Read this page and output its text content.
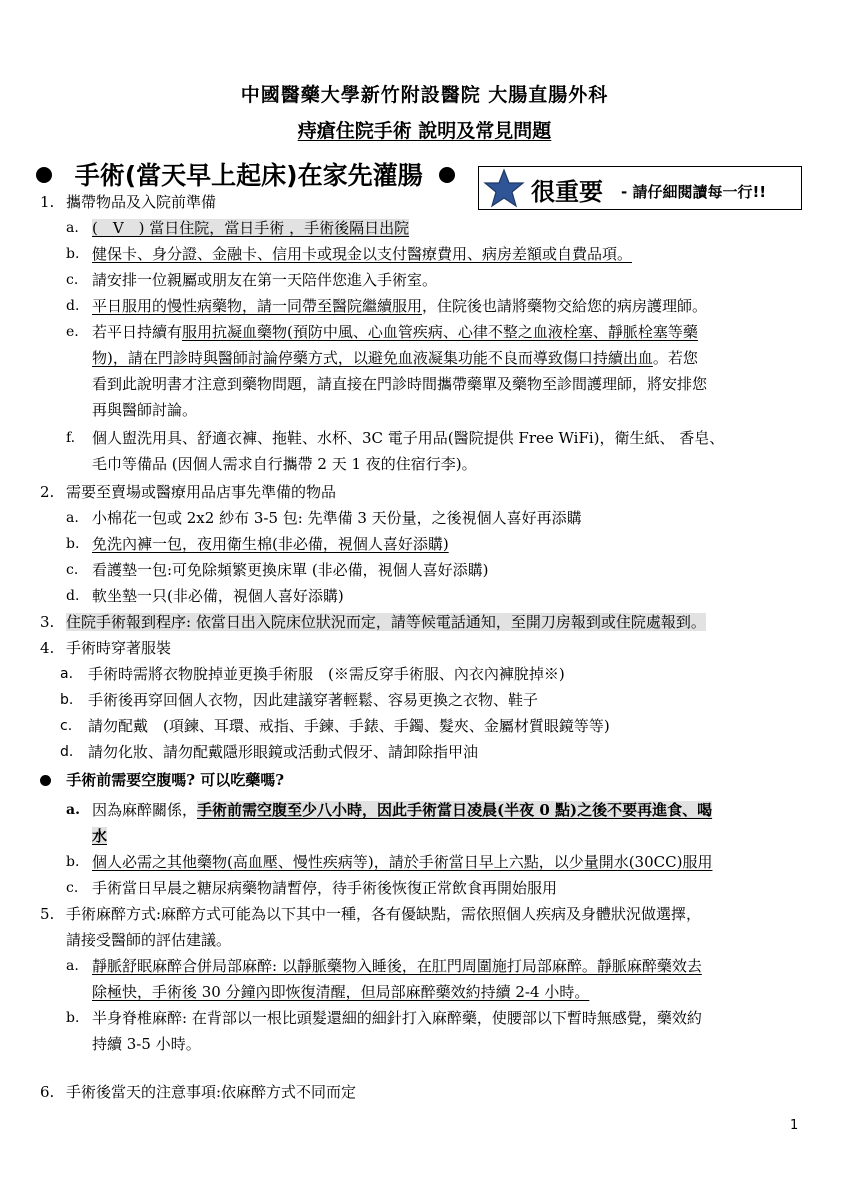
中國醫藥大學新竹附設醫院 大腸直腸外科
痔瘡住院手術 說明及常見問題
手術(當天早上起床)在家先灌腸
很重要 - 請仔細閱讀每一行!!
1. 攜帶物品及入院前準備
a. (　V　) 當日住院，當日手術 ，手術後隔日出院
b. 健保卡、身分證、金融卡、信用卡或現金以支付醫療費用、病房差額或自費品項。
c. 請安排一位親屬或朋友在第一天陪伴您進入手術室。
d. 平日服用的慢性病藥物，請一同帶至醫院繼續服用，住院後也請將藥物交給您的病房護理師。
e. 若平日持續有服用抗凝血藥物(預防中風、心血管疾病、心律不整之血液栓塞、靜脈栓塞等藥
物)，請在門診時與醫師討論停藥方式，以避免血液凝集功能不良而導致傷口持續出血。若您
看到此說明書才注意到藥物問題，請直接在門診時間攜帶藥單及藥物至診間護理師，將安排您
再與醫師討論。
f. 個人盥洗用具、舒適衣褲、拖鞋、水杯、3C 電子用品(醫院提供 Free WiFi)，衛生紙、 香皂、
毛巾等備品 (因個人需求自行攜帶 2 天 1 夜的住宿行李)。
2. 需要至賣場或醫療用品店事先準備的物品
a. 小棉花一包或 2x2 紗布 3-5 包: 先準備 3 天份量，之後視個人喜好再添購
b. 免洗內褲一包，夜用衛生棉(非必備，視個人喜好添購)
c. 看護墊一包:可免除頻繁更換床單 (非必備，視個人喜好添購)
d. 軟坐墊一只(非必備，視個人喜好添購)
3. 住院手術報到程序: 依當日出入院床位狀況而定，請等候電話通知，至開刀房報到或住院處報到。
4. 手術時穿著服裝
a. 手術時需將衣物脫掉並更換手術服　(※需反穿手術服、內衣內褲脫掉※)
b. 手術後再穿回個人衣物，因此建議穿著輕鬆、容易更換之衣物、鞋子
c. 請勿配戴　(項鍊、耳環、戒指、手鍊、手錶、手鐲、髮夾、金屬材質眼鏡等等)
d. 請勿化妝、請勿配戴隱形眼鏡或活動式假牙、請卸除指甲油
手術前需要空腹嗎? 可以吃藥嗎?
a. 因為麻醉關係，手術前需空腹至少八小時，因此手術當日凌晨(半夜 0 點)之後不要再進食、喝
水
b. 個人必需之其他藥物(高血壓、慢性疾病等)，請於手術當日早上六點，以少量開水(30CC)服用
c. 手術當日早晨之糖尿病藥物請暫停，待手術後恢復正常飲食再開始服用
5. 手術麻醉方式:麻醉方式可能為以下其中一種，各有優缺點，需依照個人疾病及身體狀況做選擇，
請接受醫師的評估建議。
a. 靜脈舒眠麻醉合併局部麻醉: 以靜脈藥物入睡後，在肛門周圍施打局部麻醉。靜脈麻醉藥效去
除極快，手術後 30 分鐘內即恢復清醒，但局部麻醉藥效約持續 2-4 小時。
b. 半身脊椎麻醉: 在背部以一根比頭髮還細的細針打入麻醉藥，使腰部以下暫時無感覺，藥效約
持續 3-5 小時。
6. 手術後當天的注意事項:依麻醉方式不同而定
1
